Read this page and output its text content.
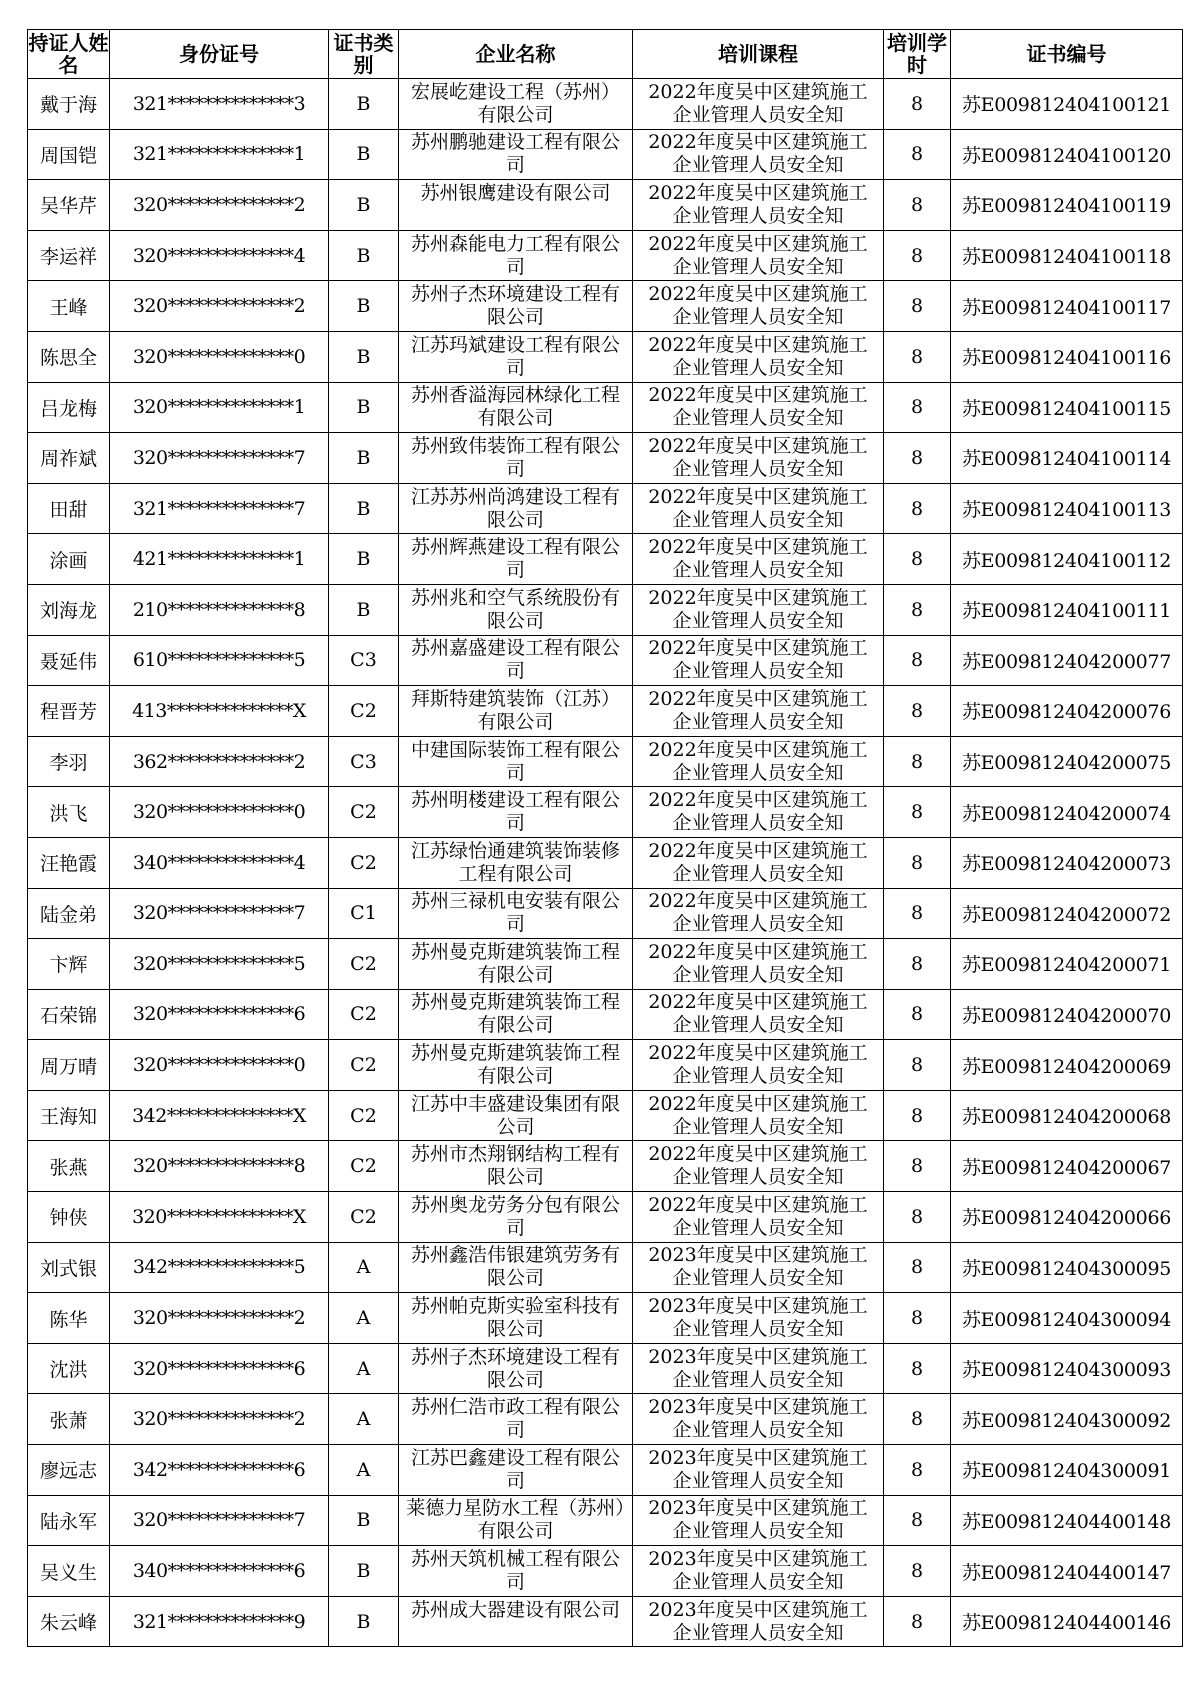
持证人姓名	身份证号	证书类别	企业名称	培训课程	培训学时	证书编号
戴于海	321**************3	B	宏展屹建设工程（苏州）有限公司	2022年度吴中区建筑施工企业管理人员安全知	8	苏E009812404100121
周国铠	321**************1	B	苏州鹏驰建设工程有限公司	2022年度吴中区建筑施工企业管理人员安全知	8	苏E009812404100120
吴华芹	320**************2	B	苏州银鹰建设有限公司	2022年度吴中区建筑施工企业管理人员安全知	8	苏E009812404100119
李运祥	320**************4	B	苏州森能电力工程有限公司	2022年度吴中区建筑施工企业管理人员安全知	8	苏E009812404100118
王峰	320**************2	B	苏州子杰环境建设工程有限公司	2022年度吴中区建筑施工企业管理人员安全知	8	苏E009812404100117
陈思全	320**************0	B	江苏玛斌建设工程有限公司	2022年度吴中区建筑施工企业管理人员安全知	8	苏E009812404100116
吕龙梅	320**************1	B	苏州香溢海园林绿化工程有限公司	2022年度吴中区建筑施工企业管理人员安全知	8	苏E009812404100115
周祚斌	320**************7	B	苏州致伟装饰工程有限公司	2022年度吴中区建筑施工企业管理人员安全知	8	苏E009812404100114
田甜	321**************7	B	江苏苏州尚鸿建设工程有限公司	2022年度吴中区建筑施工企业管理人员安全知	8	苏E009812404100113
涂画	421**************1	B	苏州辉燕建设工程有限公司	2022年度吴中区建筑施工企业管理人员安全知	8	苏E009812404100112
刘海龙	210**************8	B	苏州兆和空气系统股份有限公司	2022年度吴中区建筑施工企业管理人员安全知	8	苏E009812404100111
聂延伟	610**************5	C3	苏州嘉盛建设工程有限公司	2022年度吴中区建筑施工企业管理人员安全知	8	苏E009812404200077
程晋芳	413**************X	C2	拜斯特建筑装饰（江苏）有限公司	2022年度吴中区建筑施工企业管理人员安全知	8	苏E009812404200076
李羽	362**************2	C3	中建国际装饰工程有限公司	2022年度吴中区建筑施工企业管理人员安全知	8	苏E009812404200075
洪飞	320**************0	C2	苏州明楼建设工程有限公司	2022年度吴中区建筑施工企业管理人员安全知	8	苏E009812404200074
汪艳霞	340**************4	C2	江苏绿怡通建筑装饰装修工程有限公司	2022年度吴中区建筑施工企业管理人员安全知	8	苏E009812404200073
陆金弟	320**************7	C1	苏州三禄机电安装有限公司	2022年度吴中区建筑施工企业管理人员安全知	8	苏E009812404200072
卞辉	320**************5	C2	苏州曼克斯建筑装饰工程有限公司	2022年度吴中区建筑施工企业管理人员安全知	8	苏E009812404200071
石荣锦	320**************6	C2	苏州曼克斯建筑装饰工程有限公司	2022年度吴中区建筑施工企业管理人员安全知	8	苏E009812404200070
周万晴	320**************0	C2	苏州曼克斯建筑装饰工程有限公司	2022年度吴中区建筑施工企业管理人员安全知	8	苏E009812404200069
王海知	342**************X	C2	江苏中丰盛建设集团有限公司	2022年度吴中区建筑施工企业管理人员安全知	8	苏E009812404200068
张燕	320**************8	C2	苏州市杰翔钢结构工程有限公司	2022年度吴中区建筑施工企业管理人员安全知	8	苏E009812404200067
钟侠	320**************X	C2	苏州奥龙劳务分包有限公司	2022年度吴中区建筑施工企业管理人员安全知	8	苏E009812404200066
刘式银	342**************5	A	苏州鑫浩伟银建筑劳务有限公司	2023年度吴中区建筑施工企业管理人员安全知	8	苏E009812404300095
陈华	320**************2	A	苏州帕克斯实验室科技有限公司	2023年度吴中区建筑施工企业管理人员安全知	8	苏E009812404300094
沈洪	320**************6	A	苏州子杰环境建设工程有限公司	2023年度吴中区建筑施工企业管理人员安全知	8	苏E009812404300093
张萧	320**************2	A	苏州仁浩市政工程有限公司	2023年度吴中区建筑施工企业管理人员安全知	8	苏E009812404300092
廖远志	342**************6	A	江苏巴鑫建设工程有限公司	2023年度吴中区建筑施工企业管理人员安全知	8	苏E009812404300091
陆永军	320**************7	B	莱德力星防水工程（苏州）有限公司	2023年度吴中区建筑施工企业管理人员安全知	8	苏E009812404400148
吴义生	340**************6	B	苏州天筑机械工程有限公司	2023年度吴中区建筑施工企业管理人员安全知	8	苏E009812404400147
朱云峰	321**************9	B	苏州成大器建设有限公司	2023年度吴中区建筑施工企业管理人员安全知	8	苏E009812404400146
